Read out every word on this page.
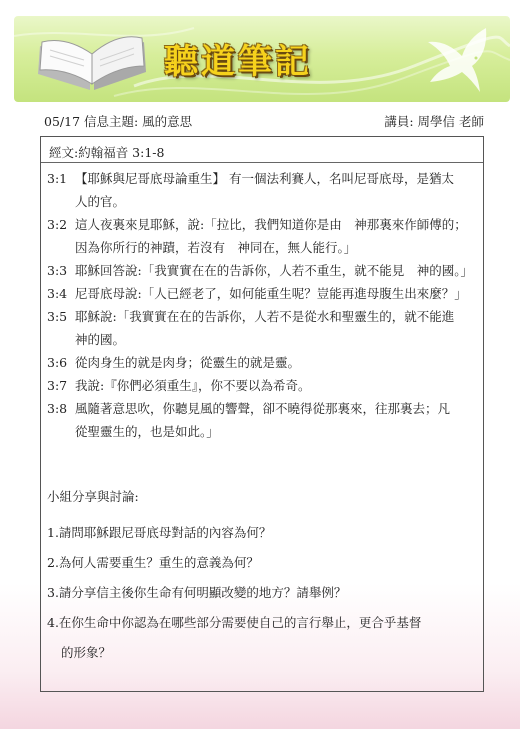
聽道筆記
05/17 信息主題: 風的意思	講員: 周學信 老師
經文:約翰福音 3:1-8
3:1 【耶穌與尼哥底母論重生】 有一個法利賽人，名叫尼哥底母，是猶太
人的官。
3:2 這人夜裏來見耶穌，說:「拉比，我們知道你是由　神那裏來作師傅的；
因為你所行的神蹟，若沒有　神同在，無人能行。」
3:3 耶穌回答說:「我實實在在的告訴你，人若不重生，就不能見　神的國。」
3:4 尼哥底母說:「人已經老了，如何能重生呢？豈能再進母腹生出來麼？」
3:5 耶穌說:「我實實在在的告訴你，人若不是從水和聖靈生的，就不能進
神的國。
3:6 從肉身生的就是肉身；從靈生的就是靈。
3:7 我說:『你們必須重生』，你不要以為希奇。
3:8 風隨著意思吹，你聽見風的響聲，卻不曉得從那裏來，往那裏去；凡
從聖靈生的，也是如此。」
小組分享與討論:
1.請問耶穌跟尼哥底母對話的內容為何？
2.為何人需要重生？重生的意義為何？
3.請分享信主後你生命有何明顯改變的地方？請舉例？
4.在你生命中你認為在哪些部分需要使自己的言行舉止，更合乎基督
的形象？
